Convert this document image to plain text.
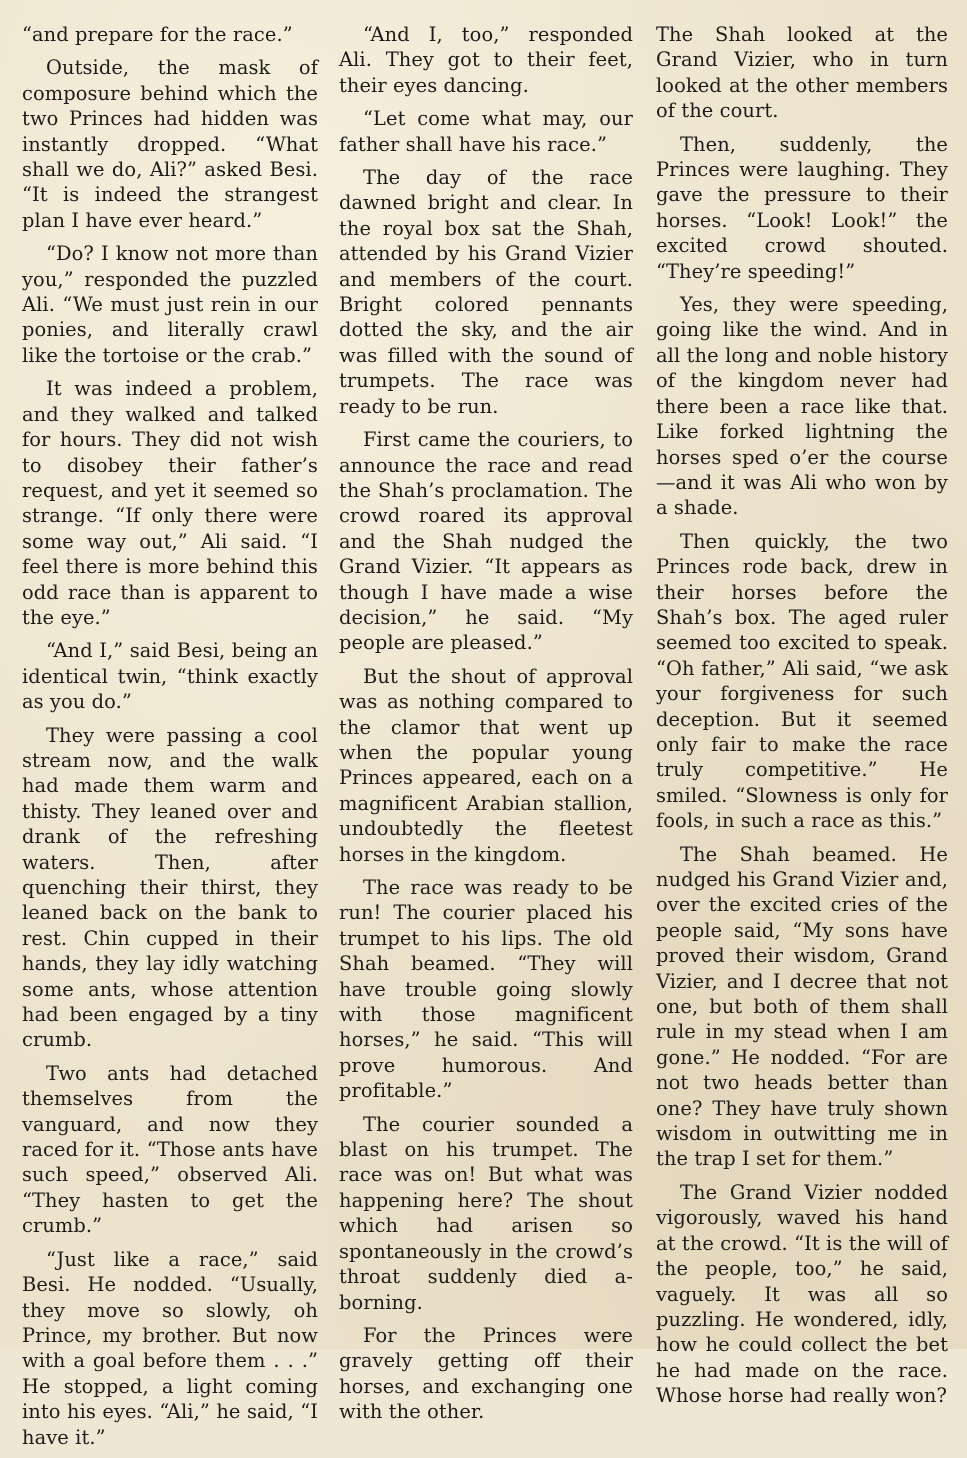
“and prepare for the race.”

Outside, the mask of composure behind which the two Princes had hidden was instantly dropped. “What shall we do, Ali?” asked Besi. “It is indeed the strangest plan I have ever heard.”

“Do? I know not more than you,” responded the puzzled Ali. “We must just rein in our ponies, and literally crawl like the tortoise or the crab.”

It was indeed a problem, and they walked and talked for hours. They did not wish to disobey their father’s request, and yet it seemed so strange. “If only there were some way out,” Ali said. “I feel there is more behind this odd race than is apparent to the eye.”

“And I,” said Besi, being an identical twin, “think exactly as you do.”

They were passing a cool stream now, and the walk had made them warm and thisty. They leaned over and drank of the refreshing waters. Then, after quenching their thirst, they leaned back on the bank to rest. Chin cupped in their hands, they lay idly watching some ants, whose attention had been engaged by a tiny crumb.

Two ants had detached themselves from the vanguard, and now they raced for it. “Those ants have such speed,” observed Ali. “They hasten to get the crumb.”

“Just like a race,” said Besi. He nodded. “Usually, they move so slowly, oh Prince, my brother. But now with a goal before them . . .” He stopped, a light coming into his eyes. “Ali,” he said, “I have it.”

“And I, too,” responded Ali. They got to their feet, their eyes dancing.

“Let come what may, our father shall have his race.”

The day of the race dawned bright and clear. In the royal box sat the Shah, attended by his Grand Vizier and members of the court. Bright colored pennants dotted the sky, and the air was filled with the sound of trumpets. The race was ready to be run.

First came the couriers, to announce the race and read the Shah’s proclamation. The crowd roared its approval and the Shah nudged the Grand Vizier. “It appears as though I have made a wise decision,” he said. “My people are pleased.”

But the shout of approval was as nothing compared to the clamor that went up when the popular young Princes appeared, each on a magnificent Arabian stallion, undoubtedly the fleetest horses in the kingdom.

The race was ready to be run! The courier placed his trumpet to his lips. The old Shah beamed. “They will have trouble going slowly with those magnificent horses,” he said. “This will prove humorous. And profitable.”

The courier sounded a blast on his trumpet. The race was on! But what was happening here? The shout which had arisen so spontaneously in the crowd’s throat suddenly died a-borning.

For the Princes were gravely getting off their horses, and exchanging one with the other.

The Shah looked at the Grand Vizier, who in turn looked at the other members of the court.

Then, suddenly, the Princes were laughing. They gave the pressure to their horses. “Look! Look!” the excited crowd shouted. “They’re speeding!”

Yes, they were speeding, going like the wind. And in all the long and noble history of the kingdom never had there been a race like that. Like forked lightning the horses sped o’er the course—and it was Ali who won by a shade.

Then quickly, the two Princes rode back, drew in their horses before the Shah’s box. The aged ruler seemed too excited to speak. “Oh father,” Ali said, “we ask your forgiveness for such deception. But it seemed only fair to make the race truly competitive.” He smiled. “Slowness is only for fools, in such a race as this.”

The Shah beamed. He nudged his Grand Vizier and, over the excited cries of the people said, “My sons have proved their wisdom, Grand Vizier, and I decree that not one, but both of them shall rule in my stead when I am gone.” He nodded. “For are not two heads better than one? They have truly shown wisdom in outwitting me in the trap I set for them.”

The Grand Vizier nodded vigorously, waved his hand at the crowd. “It is the will of the people, too,” he said, vaguely. It was all so puzzling. He wondered, idly, how he could collect the bet he had made on the race. Whose horse had really won?
